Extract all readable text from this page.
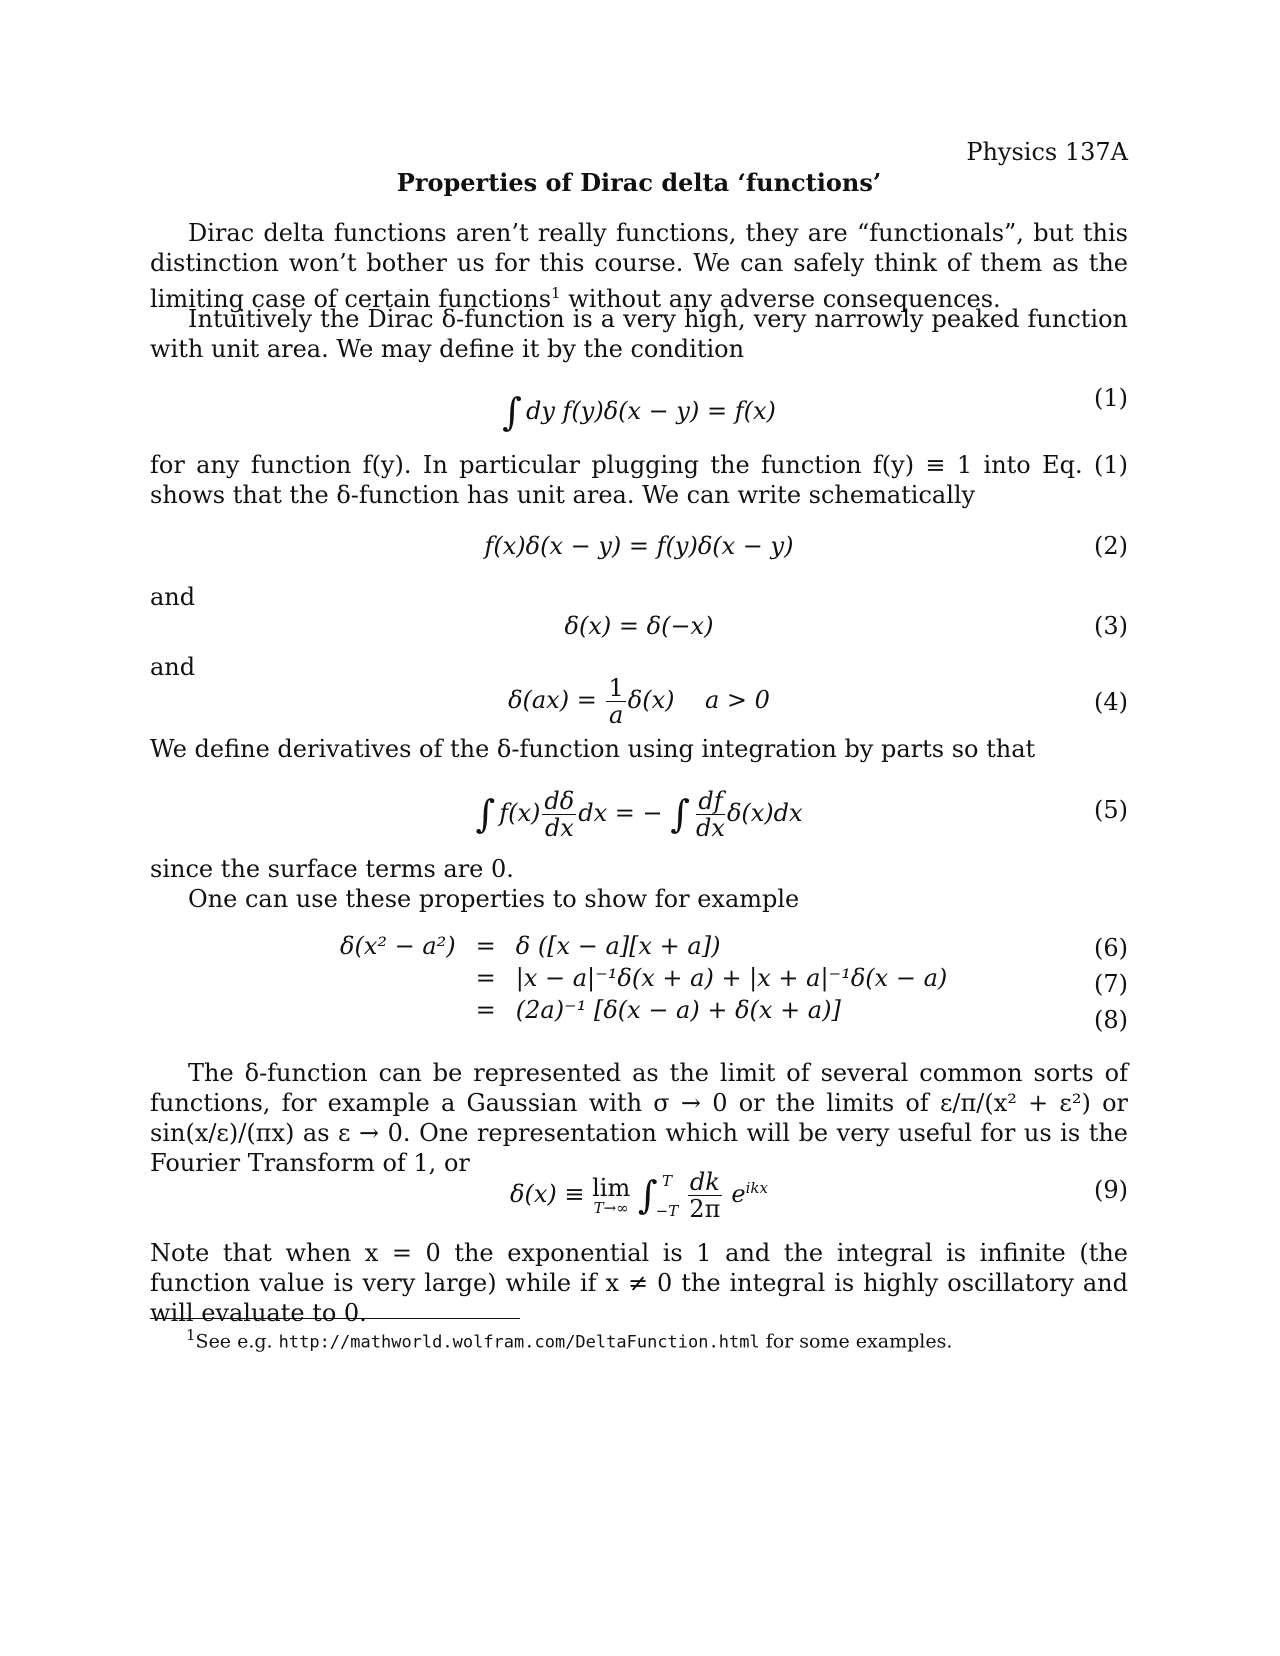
Physics 137A
Properties of Dirac delta ‘functions’
Dirac delta functions aren’t really functions, they are “functionals”, but this distinction won’t bother us for this course. We can safely think of them as the limiting case of certain functions$^1$ without any adverse consequences.
Intuitively the Dirac δ-function is a very high, very narrowly peaked function with unit area. We may define it by the condition
∫ dy f(y)δ(x − y) = f(x)	(1)
for any function f(y). In particular plugging the function f(y) ≡ 1 into Eq. (1) shows that the δ-function has unit area. We can write schematically
f(x)δ(x − y) = f(y)δ(x − y)	(2)
and
δ(x) = δ(−x)	(3)
and
$\delta(ax) = \frac{1}{a} \delta(x)$    a > 0	(4)
We define derivatives of the δ-function using integration by parts so that
∫ $f(x) \frac{d\delta}{dx}$ dx = − ∫ $\frac{df}{dx} \delta(x)dx$	(5)
since the surface terms are 0.
One can use these properties to show for example
δ(x² − a²)	=	δ ([x − a][x + a])
	=	|x − a|⁻¹δ(x + a) + |x + a|⁻¹δ(x − a)
	=	(2a)⁻¹ [δ(x − a) + δ(x + a)]
(6)
(7)
(8)
The δ-function can be represented as the limit of several common sorts of functions, for example a Gaussian with σ → 0 or the limits of ε/π/(x² + ε²) or sin(x/ε)/(πx) as ε → 0. One representation which will be very useful for us is the Fourier Transform of 1, or
δ(x) ≡ lim
T→∞ ∫ T
−T
$\frac{dk}{2\pi} e^{ikx}$	(9)
Note that when x = 0 the exponential is 1 and the integral is infinite (the function value is very large) while if x ≠ 0 the integral is highly oscillatory and will evaluate to 0.
$^1$See e.g. http://mathworld.wolfram.com/DeltaFunction.html for some examples.
